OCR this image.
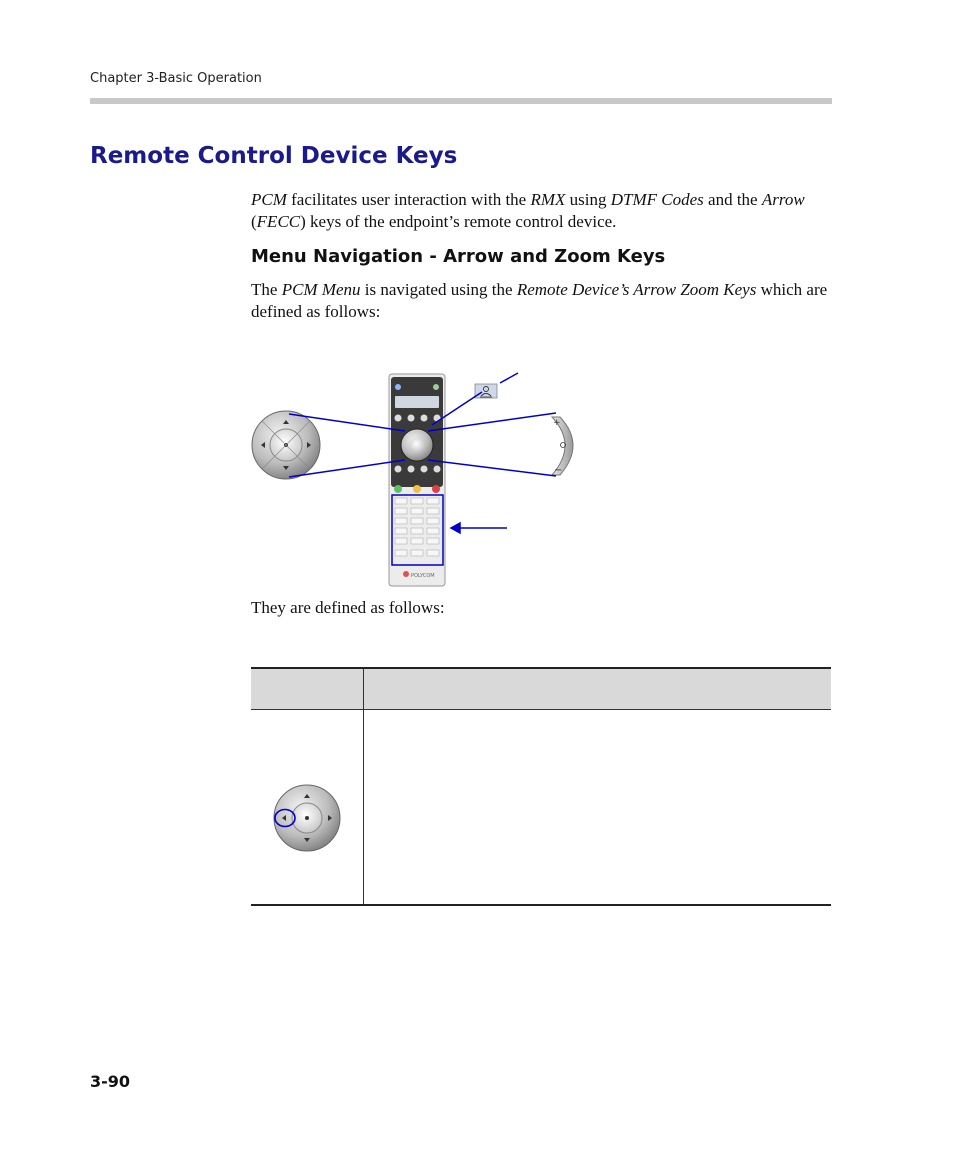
Chapter 3-Basic Operation
Remote Control Device Keys

PCM facilitates user interaction with the RMX using DTMF Codes and the Arrow (FECC) keys of the endpoint’s remote control device.

Menu Navigation - Arrow and Zoom Keys

The PCM Menu is navigated using the Remote Device’s Arrow Zoom Keys which are defined as follows:

POLYCOM
+
−

They are defined as follows:

3-90
